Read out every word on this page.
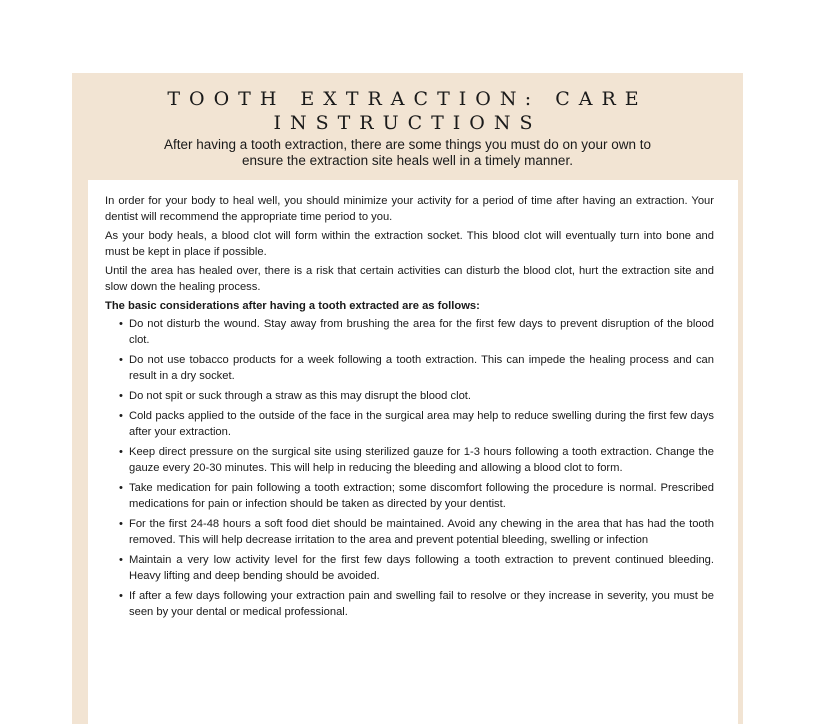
TOOTH EXTRACTION: CARE INSTRUCTIONS
After having a tooth extraction, there are some things you must do on your own to ensure the extraction site heals well in a timely manner.

In order for your body to heal well, you should minimize your activity for a period of time after having an extraction. Your dentist will recommend the appropriate time period to you.

As your body heals, a blood clot will form within the extraction socket. This blood clot will eventually turn into bone and must be kept in place if possible.

Until the area has healed over, there is a risk that certain activities can disturb the blood clot, hurt the extraction site and slow down the healing process.

The basic considerations after having a tooth extracted are as follows:

• Do not disturb the wound. Stay away from brushing the area for the first few days to prevent disruption of the blood clot.
• Do not use tobacco products for a week following a tooth extraction. This can impede the healing process and can result in a dry socket.
• Do not spit or suck through a straw as this may disrupt the blood clot.
• Cold packs applied to the outside of the face in the surgical area may help to reduce swelling during the first few days after your extraction.
• Keep direct pressure on the surgical site using sterilized gauze for 1-3 hours following a tooth extraction. Change the gauze every 20-30 minutes. This will help in reducing the bleeding and allowing a blood clot to form.
• Take medication for pain following a tooth extraction; some discomfort following the procedure is normal. Prescribed medications for pain or infection should be taken as directed by your dentist.
• For the first 24-48 hours a soft food diet should be maintained. Avoid any chewing in the area that has had the tooth removed. This will help decrease irritation to the area and prevent potential bleeding, swelling or infection
• Maintain a very low activity level for the first few days following a tooth extraction to prevent continued bleeding. Heavy lifting and deep bending should be avoided.
• If after a few days following your extraction pain and swelling fail to resolve or they increase in severity, you must be seen by your dental or medical professional.
